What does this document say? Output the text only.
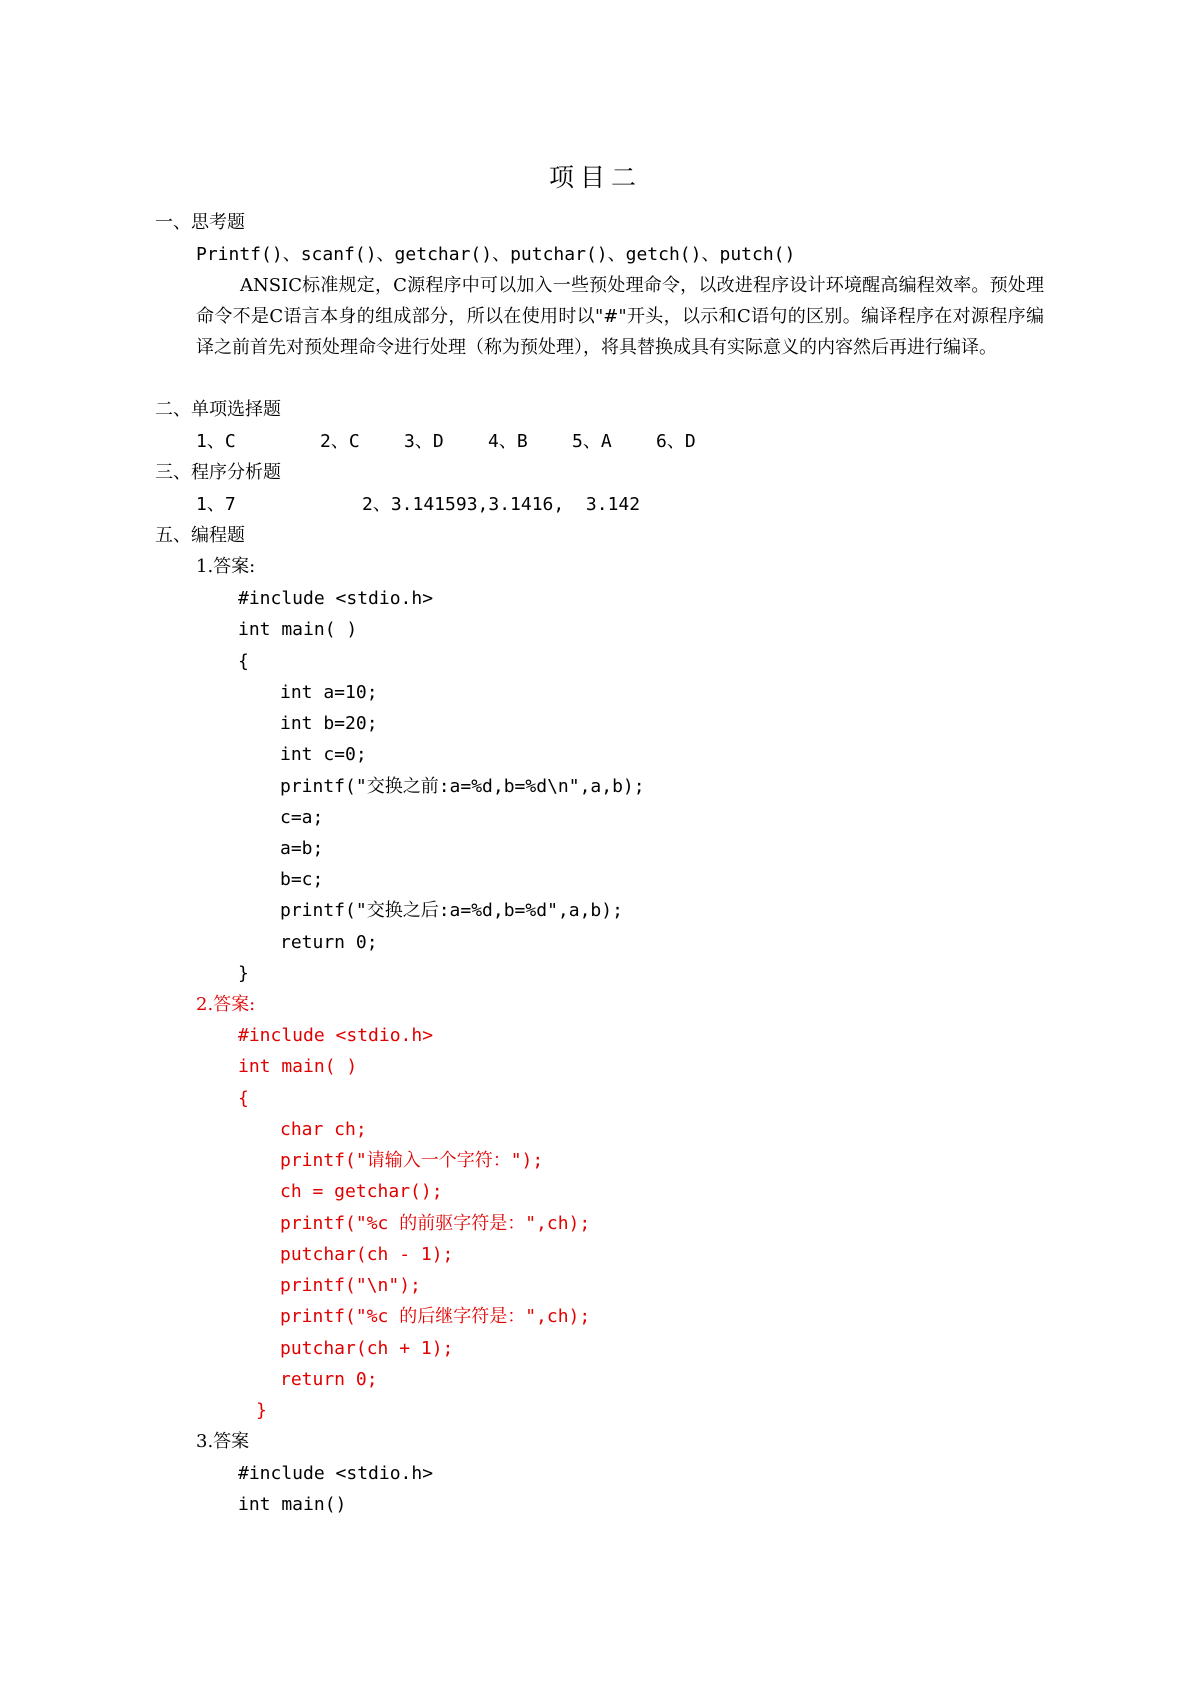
项目二
一、思考题
Printf()、scanf()、getchar()、putchar()、getch()、putch()
ANSIC标准规定，C源程序中可以加入一些预处理命令，以改进程序设计环境醒高编程效率。预处理命令不是C语言本身的组成部分，所以在使用时以"#"开头，以示和C语句的区别。编译程序在对源程序编译之前首先对预处理命令进行处理（称为预处理），将具替换成具有实际意义的内容然后再进行编译。
二、单项选择题
1、C	2、C 3、D 4、B 5、A 6、D
三、程序分析题
1、7	2、3.141593,3.1416,  3.142
五、编程题
1.答案:
#include <stdio.h>
int main( )
{
int a=10;
int b=20;
int c=0;
printf("交换之前:a=%d,b=%d\n",a,b);
c=a;
a=b;
b=c;
printf("交换之后:a=%d,b=%d",a,b);
return 0;
}
2.答案:
#include <stdio.h>
int main( )
{
char ch;
printf("请输入一个字符：");
ch = getchar();
printf("%c 的前驱字符是：",ch);
putchar(ch - 1);
printf("\n");
printf("%c 的后继字符是：",ch);
putchar(ch + 1);
return 0;
}
3.答案
#include <stdio.h>
int main()
